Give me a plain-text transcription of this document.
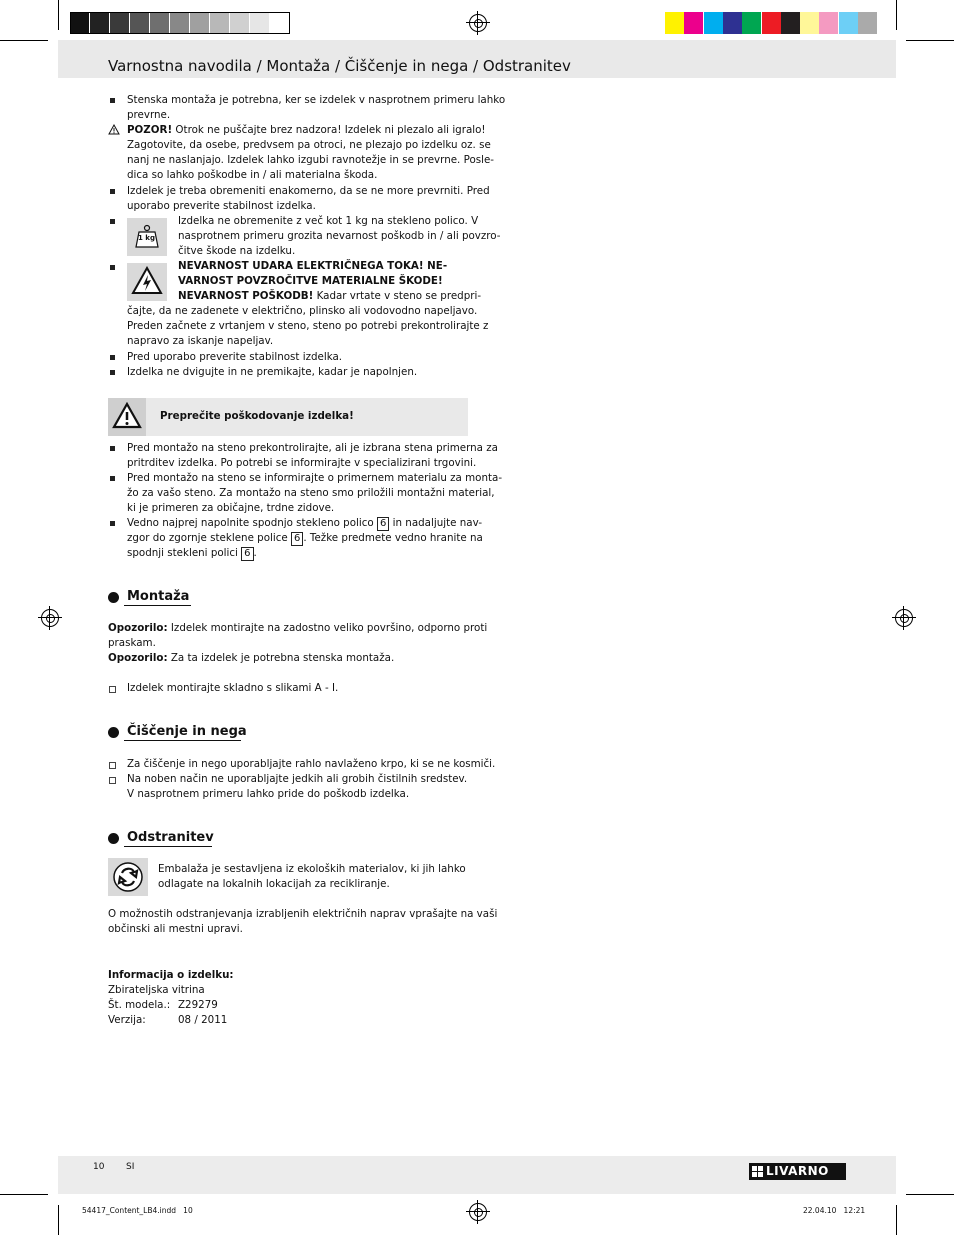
Varnostna navodila / Montaža / Čiščenje in nega / Odstranitev
Stenska montaža je potrebna, ker se izdelek v nasprotnem primeru lahko
prevrne.
POZOR! Otrok ne puščajte brez nadzora! Izdelek ni plezalo ali igralo!
Zagotovite, da osebe, predvsem pa otroci, ne plezajo po izdelku oz. se
nanj ne naslanjajo. Izdelek lahko izgubi ravnotežje in se prevrne. Posle-
dica so lahko poškodbe in / ali materialna škoda.
Izdelek je treba obremeniti enakomerno, da se ne more prevrniti. Pred
uporabo preverite stabilnost izdelka.
1 kg
Izdelka ne obremenite z več kot 1 kg na stekleno polico. V
nasprotnem primeru grozita nevarnost poškodb in / ali povzro-
čitve škode na izdelku.
NEVARNOST UDARA ELEKTRIČNEGA TOKA! NE-
VARNOST POVZROČITVE MATERIALNE ŠKODE!
NEVARNOST POŠKODB! Kadar vrtate v steno se predpri-
čajte, da ne zadenete v električno, plinsko ali vodovodno napeljavo.
Preden začnete z vrtanjem v steno, steno po potrebi prekontrolirajte z
napravo za iskanje napeljav.
Pred uporabo preverite stabilnost izdelka.
Izdelka ne dvigujte in ne premikajte, kadar je napolnjen.
Preprečite poškodovanje izdelka!
Pred montažo na steno prekontrolirajte, ali je izbrana stena primerna za
pritrditev izdelka. Po potrebi se informirajte v specializirani trgovini.
Pred montažo na steno se informirajte o primernem materialu za monta-
žo za vašo steno. Za montažo na steno smo priložili montažni material,
ki je primeren za običajne, trdne zidove.
Vedno najprej napolnite spodnjo stekleno polico 6 in nadaljujte nav-
zgor do zgornje steklene police 6 . Težke predmete vedno hranite na
spodnji stekleni polici 6 .
Montaža
Opozorilo: Izdelek montirajte na zadostno veliko površino, odporno proti
praskam.
Opozorilo: Za ta izdelek je potrebna stenska montaža.
Izdelek montirajte skladno s slikami A - I.
Čiščenje in nega
Za čiščenje in nego uporabljajte rahlo navlaženo krpo, ki se ne kosmiči.
Na noben način ne uporabljajte jedkih ali grobih čistilnih sredstev.
V nasprotnem primeru lahko pride do poškodb izdelka.
Odstranitev
Embalaža je sestavljena iz ekoloških materialov, ki jih lahko
odlagate na lokalnih lokacijah za recikliranje.
O možnostih odstranjevanja izrabljenih električnih naprav vprašajte na vaši
občinski ali mestni upravi.
Informacija o izdelku:
Zbirateljska vitrina
Št. modela.: Z29279
Verzija:	08 / 2011
10 SI	LIVARNO
54417_Content_LB4.indd   10	22.04.10   12:21
